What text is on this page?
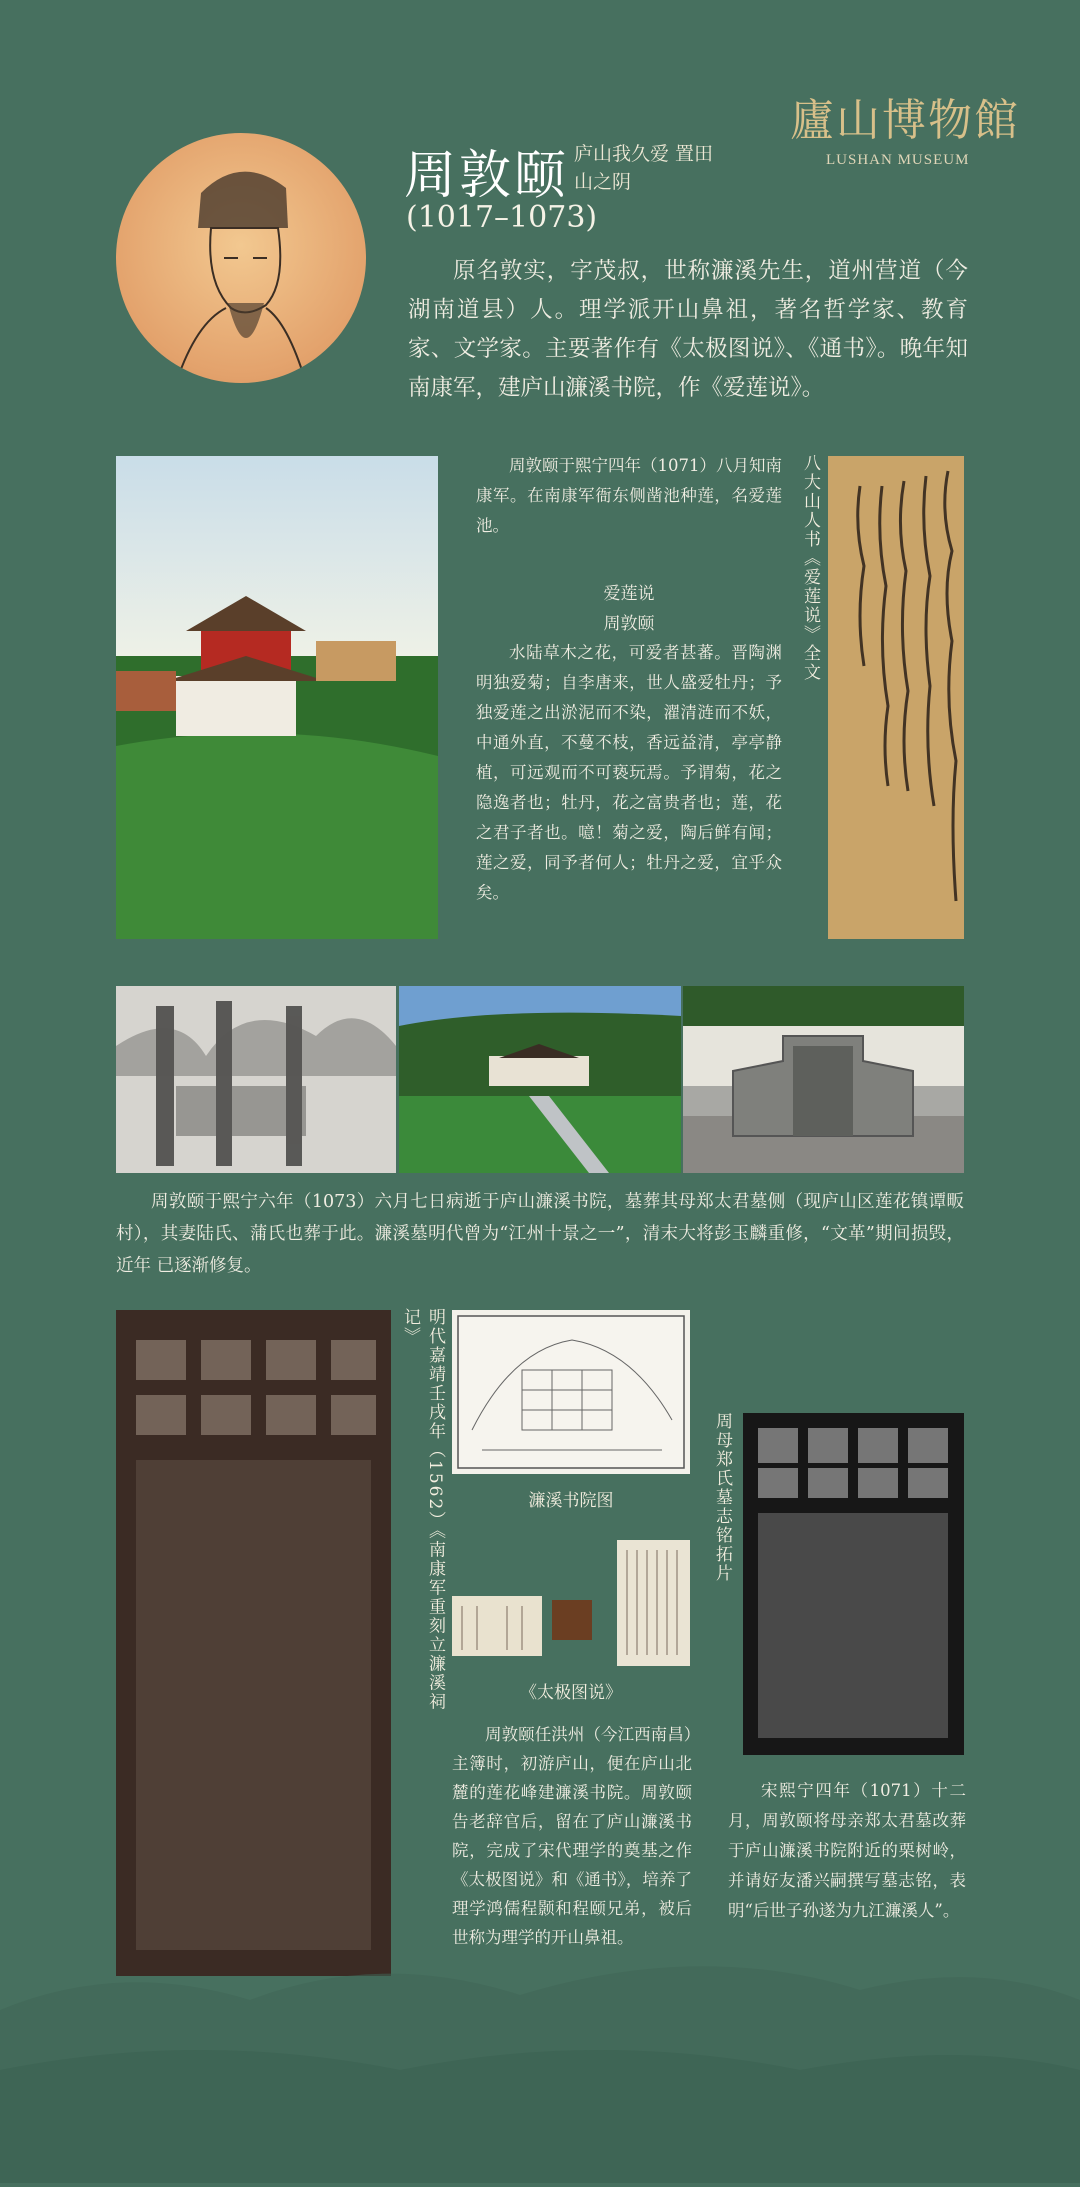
廬山博物館
LUSHAN MUSEUM
周敦颐 庐山我久爱 置田山之阴
(1017–1073)
原名敦实，字茂叔，世称濂溪先生，道州营道（今湖南道县）人。理学派开山鼻祖，著名哲学家、教育家、文学家。主要著作有《太极图说》、《通书》。晚年知南康军，建庐山濂溪书院，作《爱莲说》。
周敦颐于熙宁四年（1071）八月知南康军。在南康军衙东侧凿池种莲，名爱莲池。
爱莲说
周敦颐
水陆草木之花，可爱者甚蕃。晋陶渊明独爱菊；自李唐来，世人盛爱牡丹；予独爱莲之出淤泥而不染，濯清涟而不妖，中通外直，不蔓不枝，香远益清，亭亭静植，可远观而不可亵玩焉。予谓菊，花之隐逸者也；牡丹，花之富贵者也；莲，花之君子者也。噫！菊之爱，陶后鲜有闻；莲之爱，同予者何人；牡丹之爱，宜乎众矣。
八大山人书《爱莲说》全文
周敦颐于熙宁六年（1073）六月七日病逝于庐山濂溪书院，墓葬其母郑太君墓侧（现庐山区莲花镇谭畈村），其妻陆氏、蒲氏也葬于此。濂溪墓明代曾为“江州十景之一”，清末大将彭玉麟重修，“文革”期间损毁，近年 已逐渐修复。
明代嘉靖壬戌年（1562）《南康军重刻立濂溪祠记》
濂溪书院图
《太极图说》
周敦颐任洪州（今江西南昌）主簿时，初游庐山，便在庐山北麓的莲花峰建濂溪书院。周敦颐告老辞官后，留在了庐山濂溪书院，完成了宋代理学的奠基之作《太极图说》和《通书》，培养了理学鸿儒程颢和程颐兄弟，被后世称为理学的开山鼻祖。
周母郑氏墓志铭拓片
宋熙宁四年（1071）十二月，周敦颐将母亲郑太君墓改葬于庐山濂溪书院附近的栗树岭，并请好友潘兴嗣撰写墓志铭，表明“后世子孙遂为九江濂溪人”。
